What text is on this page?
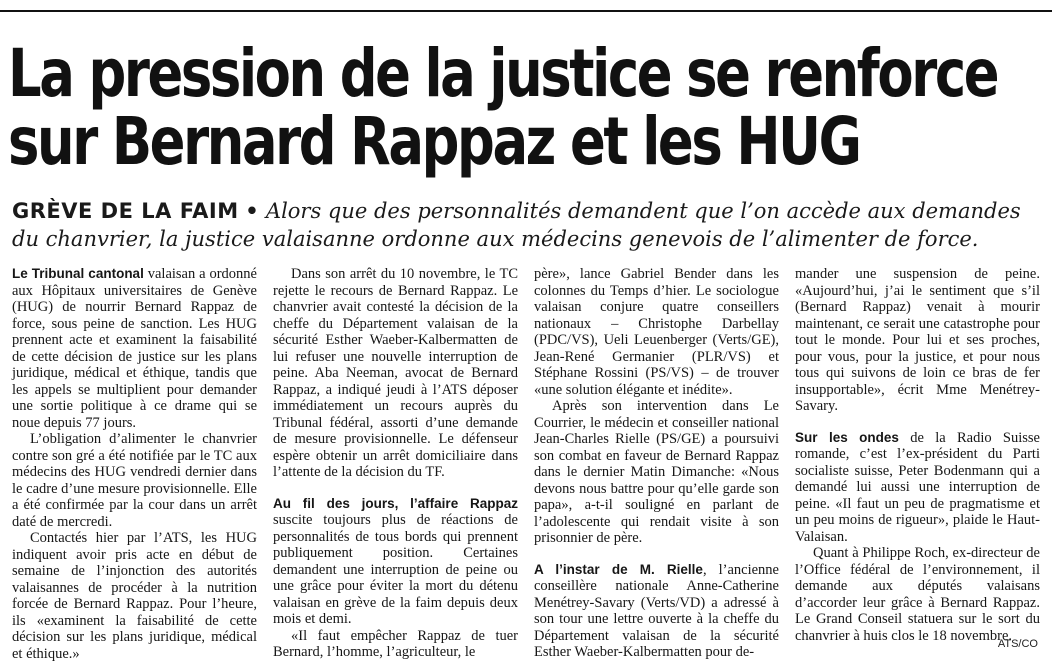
La pression de la justice se renforce
sur Bernard Rappaz et les HUG

GRÈVE DE LA FAIM • Alors que des personnalités demandent que l’on accède aux demandes du chanvrier, la justice valaisanne ordonne aux médecins genevois de l’alimenter de force.

Le Tribunal cantonal valaisan a ordonné aux Hôpitaux universitaires de Genève (HUG) de nourrir Bernard Rappaz de force, sous peine de sanction. Les HUG prennent acte et examinent la faisabilité de cette décision de justice sur les plans juridique, médical et éthique, tandis que les appels se multiplient pour demander une sortie politique à ce drame qui se noue depuis 77 jours.

L’obligation d’alimenter le chanvrier contre son gré a été notifiée par le TC aux médecins des HUG vendredi dernier dans le cadre d’une mesure provisionnelle. Elle a été confirmée par la cour dans un arrêt daté de mercredi.

Contactés hier par l’ATS, les HUG indiquent avoir pris acte en début de semaine de l’injonction des autorités valaisannes de procéder à la nutrition forcée de Bernard Rappaz. Pour l’heure, ils «examinent la faisabilité de cette décision sur les plans juridique, médical et éthique.»

Dans son arrêt du 10 novembre, le TC rejette le recours de Bernard Rappaz. Le chanvrier avait contesté la décision de la cheffe du Département valaisan de la sécurité Esther Waeber-Kalbermatten de lui refuser une nouvelle interruption de peine. Aba Neeman, avocat de Bernard Rappaz, a indiqué jeudi à l’ATS déposer immédiatement un recours auprès du Tribunal fédéral, assorti d’une demande de mesure provisionnelle. Le défenseur espère obtenir un arrêt domiciliaire dans l’attente de la décision du TF.

Au fil des jours, l’affaire Rappaz suscite toujours plus de réactions de personnalités de tous bords qui prennent publiquement position. Certaines demandent une interruption de peine ou une grâce pour éviter la mort du détenu valaisan en grève de la faim depuis deux mois et demi.

«Il faut empêcher Rappaz de tuer Bernard, l’homme, l’agriculteur, le

père», lance Gabriel Bender dans les colonnes du Temps d’hier. Le sociologue valaisan conjure quatre conseillers nationaux – Christophe Darbellay (PDC/VS), Ueli Leuenberger (Verts/GE), Jean-René Germanier (PLR/VS) et Stéphane Rossini (PS/VS) – de trouver «une solution élégante et inédite».

Après son intervention dans Le Courrier, le médecin et conseiller national Jean-Charles Rielle (PS/GE) a poursuivi son combat en faveur de Bernard Rappaz dans le dernier Matin Dimanche: «Nous devons nous battre pour qu’elle garde son papa», a-t-il souligné en parlant de l’adolescente qui rendait visite à son prisonnier de père.

A l’instar de M. Rielle, l’ancienne conseillère nationale Anne-Catherine Menétrey-Savary (Verts/VD) a adressé à son tour une lettre ouverte à la cheffe du Département valaisan de la sécurité Esther Waeber-Kalbermatten pour de-

mander une suspension de peine. «Aujourd’hui, j’ai le sentiment que s’il (Bernard Rappaz) venait à mourir maintenant, ce serait une catastrophe pour tout le monde. Pour lui et ses proches, pour vous, pour la justice, et pour nous tous qui suivons de loin ce bras de fer insupportable», écrit Mme Menétrey-Savary.

Sur les ondes de la Radio Suisse romande, c’est l’ex-président du Parti socialiste suisse, Peter Bodenmann qui a demandé lui aussi une interruption de peine. «Il faut un peu de pragmatisme et un peu moins de rigueur», plaide le Haut-Valaisan.

Quant à Philippe Roch, ex-directeur de l’Office fédéral de l’environnement, il demande aux députés valaisans d’accorder leur grâce à Bernard Rappaz. Le Grand Conseil statuera sur le sort du chanvrier à huis clos le 18 novembre.

ATS/CO
